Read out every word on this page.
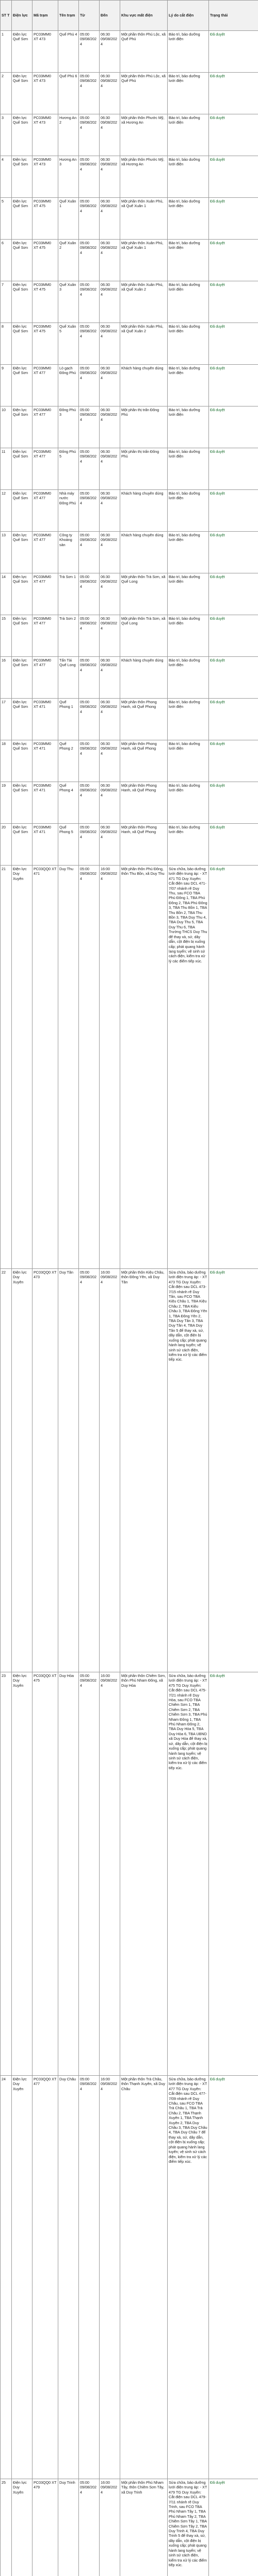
ST T	Điện lực	Mã trạm	Tên trạm	Từ	Đến	Khu vực mất điện	Lý do cắt điện	Trạng thái
1	Điện lực Quế Sơn	PC03MM0 XT 473	Quế Phú 4	05:00 09/08/2024	06:30 09/08/2024	Một phần thôn Phú Lộc, xã Quế Phú	Bảo trì, bảo dưỡng lưới điện	Đã duyệt
2	Điện lực Quế Sơn	PC03MM0 XT 473	Quế Phú 6	05:00 09/08/2024	06:30 09/08/2024	Một phần thôn Phú Lộc, xã Quế Phú	Bảo trì, bảo dưỡng lưới điện	Đã duyệt
3	Điện lực Quế Sơn	PC03MM0 XT 473	Hương An 2	05:00 09/08/2024	06:30 09/08/2024	Một phần thôn Phước Mỹ, xã Hương An	Bảo trì, bảo dưỡng lưới điện	Đã duyệt
4	Điện lực Quế Sơn	PC03MM0 XT 473	Hương An 3	05:00 09/08/2024	06:30 09/08/2024	Một phần thôn Phước Mỹ, xã Hương An	Bảo trì, bảo dưỡng lưới điện	Đã duyệt
5	Điện lực Quế Sơn	PC03MM0 XT 475	Quế Xuân 1	05:00 09/08/2024	06:30 09/08/2024	Một phần thôn Xuân Phú, xã Quế Xuân 1	Bảo trì, bảo dưỡng lưới điện	Đã duyệt
6	Điện lực Quế Sơn	PC03MM0 XT 475	Quế Xuân 2	05:00 09/08/2024	06:30 09/08/2024	Một phần thôn Xuân Phú, xã Quế Xuân 1	Bảo trì, bảo dưỡng lưới điện	Đã duyệt
7	Điện lực Quế Sơn	PC03MM0 XT 475	Quế Xuân 3	05:00 09/08/2024	06:30 09/08/2024	Một phần thôn Xuân Phú, xã Quế Xuân 2	Bảo trì, bảo dưỡng lưới điện	Đã duyệt
8	Điện lực Quế Sơn	PC03MM0 XT 475	Quế Xuân 5	05:00 09/08/2024	06:30 09/08/2024	Một phần thôn Xuân Phú, xã Quế Xuân 2	Bảo trì, bảo dưỡng lưới điện	Đã duyệt
9	Điện lực Quế Sơn	PC03MM0 XT 477	Lò gạch Đông Phú	05:00 09/08/2024	06:30 09/08/2024	Khách hàng chuyên dùng	Bảo trì, bảo dưỡng lưới điện	Đã duyệt
10	Điện lực Quế Sơn	PC03MM0 XT 477	Đông Phú 3	05:00 09/08/2024	06:30 09/08/2024	Một phần thị trấn Đông Phú	Bảo trì, bảo dưỡng lưới điện	Đã duyệt
11	Điện lực Quế Sơn	PC03MM0 XT 477	Đông Phú 5	05:00 09/08/2024	06:30 09/08/2024	Một phần thị trấn Đông Phú	Bảo trì, bảo dưỡng lưới điện	Đã duyệt
12	Điện lực Quế Sơn	PC03MM0 XT 477	Nhà máy nước Đông Phú	05:00 09/08/2024	06:30 09/08/2024	Khách hàng chuyên dùng	Bảo trì, bảo dưỡng lưới điện	Đã duyệt
13	Điện lực Quế Sơn	PC03MM0 XT 477	Công ty Khoáng sản	05:00 09/08/2024	06:30 09/08/2024	Khách hàng chuyên dùng	Bảo trì, bảo dưỡng lưới điện	Đã duyệt
14	Điện lực Quế Sơn	PC03MM0 XT 477	Trà Sơn 1	05:00 09/08/2024	06:30 09/08/2024	Một phần thôn Trà Sơn, xã Quế Long	Bảo trì, bảo dưỡng lưới điện	Đã duyệt
15	Điện lực Quế Sơn	PC03MM0 XT 477	Trà Sơn 2	05:00 09/08/2024	06:30 09/08/2024	Một phần thôn Trà Sơn, xã Quế Long	Bảo trì, bảo dưỡng lưới điện	Đã duyệt
16	Điện lực Quế Sơn	PC03MM0 XT 477	Tấn Tài Quế Long	05:00 09/08/2024	06:30 09/08/2024	Khách hàng chuyên dùng	Bảo trì, bảo dưỡng lưới điện	Đã duyệt
17	Điện lực Quế Sơn	PC03MM0 XT 471	Quế Phong 1	05:00 09/08/2024	06:30 09/08/2024	Một phần thôn Phong Hanh, xã Quế Phong	Bảo trì, bảo dưỡng lưới điện	Đã duyệt
18	Điện lực Quế Sơn	PC03MM0 XT 471	Quế Phong 2	05:00 09/08/2024	06:30 09/08/2024	Một phần thôn Phong Hanh, xã Quế Phong	Bảo trì, bảo dưỡng lưới điện	Đã duyệt
19	Điện lực Quế Sơn	PC03MM0 XT 471	Quế Phong 4	05:00 09/08/2024	06:30 09/08/2024	Một phần thôn Phong Hanh, xã Quế Phong	Bảo trì, bảo dưỡng lưới điện	Đã duyệt
20	Điện lực Quế Sơn	PC03MM0 XT 471	Quế Phong 5	05:00 09/08/2024	06:30 09/08/2024	Một phần thôn Phong Hanh, xã Quế Phong	Bảo trì, bảo dưỡng lưới điện	Đã duyệt
21	Điện lực Duy Xuyên	PC03QQ0 XT 471	Duy Thu	05:00 09/08/2024	16:00 09/08/2024	Một phần thôn Phú Đông, thôn Thu Bồn, xã Duy Thu	Sửa chữa, bảo dưỡng lưới điện trung áp: - XT 471 TG Duy Xuyên: Cắt điện sau DCL 471-7/07 nhánh rẽ Duy Thu, sau FCO TBA Phú Đông 1, TBA Phú Đông 2, TBA Phú Đông 3, TBA Thu Bồn 1, TBA Thu Bồn 2, TBA Thu Bồn 3, TBA Duy Thu 4, TBA Duy Thu 5, TBA Duy Thu 6, TBA Trường THCS Duy Thu để thay xà, sứ, dây dẫn, cột điện bị xuống cấp; phát quang hành lang tuyến; vệ sinh sứ cách điện, kiểm tra xử lý các điểm tiếp xúc.	Đã duyệt
22	Điện lực Duy Xuyên	PC03QQ0 XT 473	Duy Tân	05:00 09/08/2024	16:00 09/08/2024	Một phần thôn Kiệu Châu, thôn Đông Yên, xã Duy Tân	Sửa chữa, bảo dưỡng lưới điện trung áp: - XT 473 TG Duy Xuyên: Cắt điện sau DCL 473-7/15 nhánh rẽ Duy Tân, sau FCO TBA Kiệu Châu 1, TBA Kiệu Châu 2, TBA Kiệu Châu 3, TBA Đông Yên 1, TBA Đông Yên 2, TBA Duy Tân 3, TBA Duy Tân 4, TBA Duy Tân 5 để thay xà, sứ, dây dẫn, cột điện bị xuống cấp; phát quang hành lang tuyến; vệ sinh sứ cách điện, kiểm tra xử lý các điểm tiếp xúc.	Đã duyệt
23	Điện lực Duy Xuyên	PC03QQ0 XT 475	Duy Hòa	05:00 09/08/2024	16:00 09/08/2024	Một phần thôn Chiêm Sơn, thôn Phú Nham Đông, xã Duy Hòa	Sửa chữa, bảo dưỡng lưới điện trung áp: - XT 475 TG Duy Xuyên: Cắt điện sau DCL 475-7/21 nhánh rẽ Duy Hòa, sau FCO TBA Chiêm Sơn 1, TBA Chiêm Sơn 2, TBA Chiêm Sơn 3, TBA Phú Nham Đông 1, TBA Phú Nham Đông 2, TBA Duy Hòa 5, TBA Duy Hòa 6, TBA UBND xã Duy Hòa để thay xà, sứ, dây dẫn, cột điện bị xuống cấp; phát quang hành lang tuyến; vệ sinh sứ cách điện, kiểm tra xử lý các điểm tiếp xúc.	Đã duyệt
24	Điện lực Duy Xuyên	PC03QQ0 XT 477	Duy Châu	05:00 09/08/2024	16:00 09/08/2024	Một phần thôn Trà Châu, thôn Thạnh Xuyên, xã Duy Châu	Sửa chữa, bảo dưỡng lưới điện trung áp: - XT 477 TG Duy Xuyên: Cắt điện sau DCL 477-7/09 nhánh rẽ Duy Châu, sau FCO TBA Trà Châu 1, TBA Trà Châu 2, TBA Thạnh Xuyên 1, TBA Thạnh Xuyên 2, TBA Duy Châu 3, TBA Duy Châu 4, TBA Duy Châu 7 để thay xà, sứ, dây dẫn, cột điện bị xuống cấp; phát quang hành lang tuyến; vệ sinh sứ cách điện, kiểm tra xử lý các điểm tiếp xúc.	Đã duyệt
25	Điện lực Duy Xuyên	PC03QQ0 XT 479	Duy Trinh	05:00 09/08/2024	16:00 09/08/2024	Một phần thôn Phú Nham Tây, thôn Chiêm Sơn Tây, xã Duy Trinh	Sửa chữa, bảo dưỡng lưới điện trung áp: - XT 479 TG Duy Xuyên: Cắt điện sau DCL 479-7/11 nhánh rẽ Duy Trinh, sau FCO TBA Phú Nham Tây 1, TBA Phú Nham Tây 2, TBA Chiêm Sơn Tây 1, TBA Chiêm Sơn Tây 2, TBA Duy Trinh 4, TBA Duy Trinh 5 để thay xà, sứ, dây dẫn, cột điện bị xuống cấp; phát quang hành lang tuyến; vệ sinh sứ cách điện, kiểm tra xử lý các điểm tiếp xúc.	Đã duyệt
